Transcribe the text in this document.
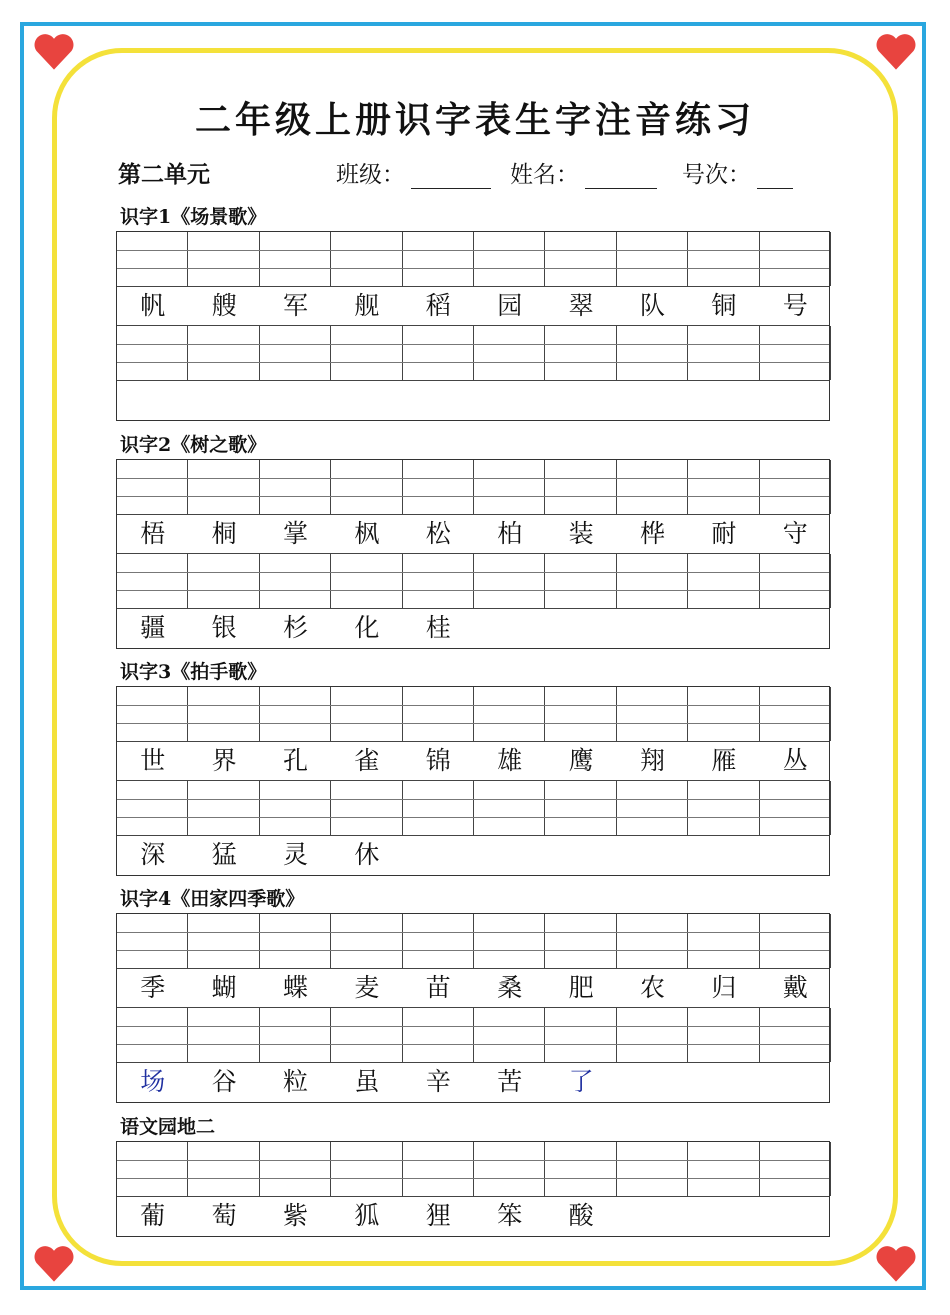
二年级上册识字表生字注音练习
第二单元	班级：	姓名：	号次：
识字1《场景歌》
帆	艘	军	舰	稻	园	翠	队	铜	号
识字2《树之歌》
梧	桐	掌	枫	松	柏	装	桦	耐	守
疆	银	杉	化	桂
识字3《拍手歌》
世	界	孔	雀	锦	雄	鹰	翔	雁	丛
深	猛	灵	休
识字4《田家四季歌》
季	蝴	蝶	麦	苗	桑	肥	农	归	戴
场	谷	粒	虽	辛	苦	了
语文园地二
葡	萄	紫	狐	狸	笨	酸
